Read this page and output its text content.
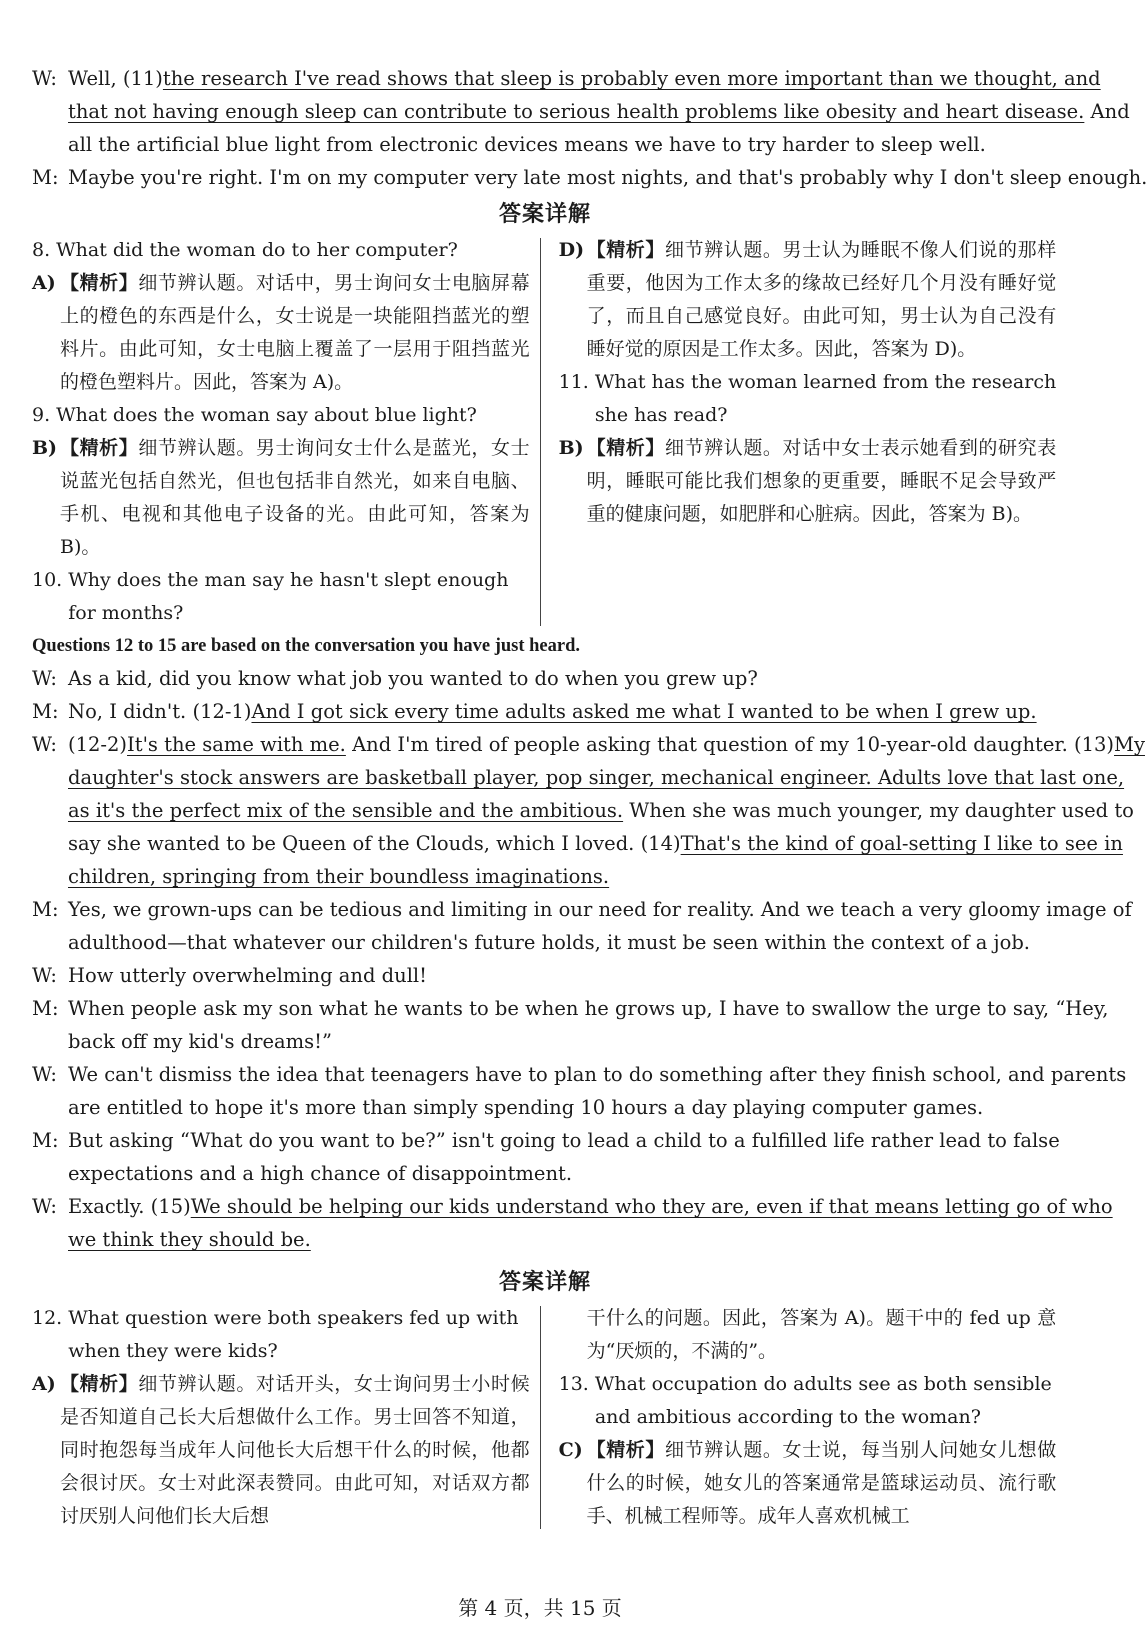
W: Well, (11)the research I've read shows that sleep is probably even more important than we thought, and
that not having enough sleep can contribute to serious health problems like obesity and heart disease. And
all the artificial blue light from electronic devices means we have to try harder to sleep well.
M: Maybe you're right. I'm on my computer very late most nights, and that's probably why I don't sleep enough.
答案详解
8. What did the woman do to her computer?
A) 【精析】细节辨认题。对话中，男士询问女士电脑屏幕上的橙色的东西是什么，女士说是一块能阻挡蓝光的塑料片。由此可知，女士电脑上覆盖了一层用于阻挡蓝光的橙色塑料片。因此，答案为 A)。
9. What does the woman say about blue light?
B) 【精析】细节辨认题。男士询问女士什么是蓝光，女士说蓝光包括自然光，但也包括非自然光，如来自电脑、手机、电视和其他电子设备的光。由此可知，答案为 B)。
10. Why does the man say he hasn't slept enough for months?
D) 【精析】细节辨认题。男士认为睡眠不像人们说的那样重要，他因为工作太多的缘故已经好几个月没有睡好觉了，而且自己感觉良好。由此可知，男士认为自己没有睡好觉的原因是工作太多。因此，答案为 D)。
11. What has the woman learned from the research she has read?
B) 【精析】细节辨认题。对话中女士表示她看到的研究表明，睡眠可能比我们想象的更重要，睡眠不足会导致严重的健康问题，如肥胖和心脏病。因此，答案为 B)。
Questions 12 to 15 are based on the conversation you have just heard.
W: As a kid, did you know what job you wanted to do when you grew up?
M: No, I didn't. (12-1)And I got sick every time adults asked me what I wanted to be when I grew up.
W: (12-2)It's the same with me. And I'm tired of people asking that question of my 10-year-old daughter. (13)My
daughter's stock answers are basketball player, pop singer, mechanical engineer. Adults love that last one,
as it's the perfect mix of the sensible and the ambitious. When she was much younger, my daughter used to
say she wanted to be Queen of the Clouds, which I loved. (14)That's the kind of goal-setting I like to see in
children, springing from their boundless imaginations.
M: Yes, we grown-ups can be tedious and limiting in our need for reality. And we teach a very gloomy image of
adulthood—that whatever our children's future holds, it must be seen within the context of a job.
W: How utterly overwhelming and dull!
M: When people ask my son what he wants to be when he grows up, I have to swallow the urge to say, “Hey,
back off my kid's dreams!”
W: We can't dismiss the idea that teenagers have to plan to do something after they finish school, and parents
are entitled to hope it's more than simply spending 10 hours a day playing computer games.
M: But asking “What do you want to be?” isn't going to lead a child to a fulfilled life rather lead to false
expectations and a high chance of disappointment.
W: Exactly. (15)We should be helping our kids understand who they are, even if that means letting go of who
we think they should be.
答案详解
12. What question were both speakers fed up with when they were kids?
A) 【精析】细节辨认题。对话开头，女士询问男士小时候是否知道自己长大后想做什么工作。男士回答不知道，同时抱怨每当成年人问他长大后想干什么的时候，他都会很讨厌。女士对此深表赞同。由此可知，对话双方都讨厌别人问他们长大后想
干什么的问题。因此，答案为 A)。题干中的 fed up 意为“厌烦的，不满的”。
13. What occupation do adults see as both sensible and ambitious according to the woman?
C) 【精析】细节辨认题。女士说，每当别人问她女儿想做什么的时候，她女儿的答案通常是篮球运动员、流行歌手、机械工程师等。成年人喜欢机械工
第 4 页，共 15 页
